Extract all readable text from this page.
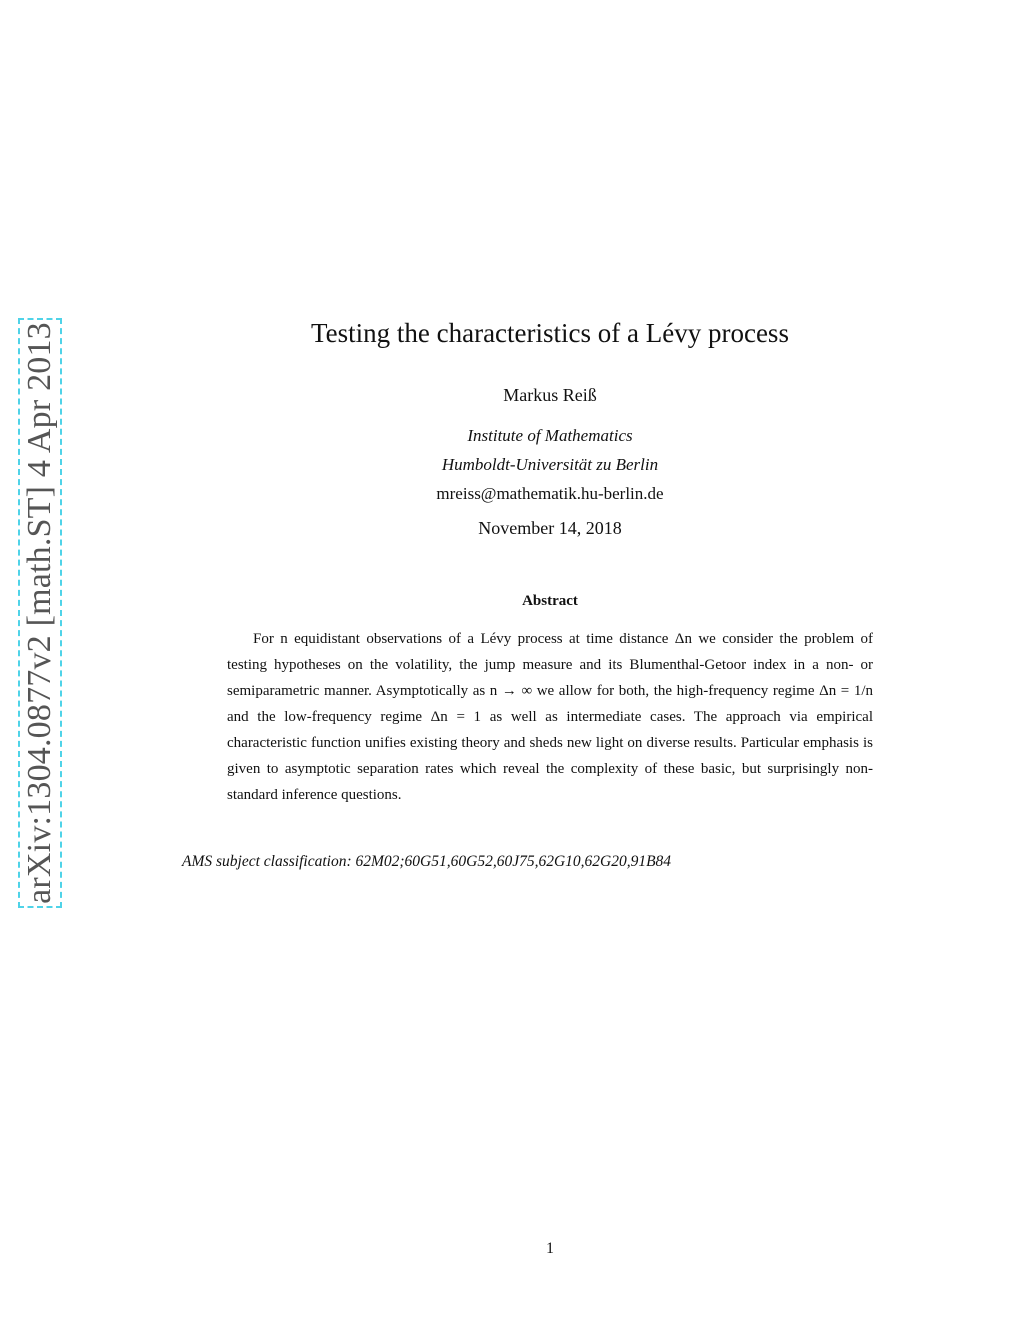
arXiv:1304.0877v2 [math.ST] 4 Apr 2013	Testing the characteristics of a Lévy process
Markus Reiß
Institute of Mathematics
Humboldt-Universität zu Berlin
mreiss@mathematik.hu-berlin.de
November 14, 2018
Abstract
For n equidistant observations of a Lévy process at time distance Δn we consider the problem of testing hypotheses on the volatility, the jump measure and its Blumenthal-Getoor index in a non- or semiparametric manner. Asymptotically as n → ∞ we allow for both, the high-frequency regime Δn = 1/n and the low-frequency regime Δn = 1 as well as intermediate cases. The approach via empirical characteristic function unifies existing theory and sheds new light on diverse results. Particular emphasis is given to asymptotic separation rates which reveal the complexity of these basic, but surprisingly non-standard inference questions.
AMS subject classification: 62M02;60G51,60G52,60J75,62G10,62G20,91B84
1
